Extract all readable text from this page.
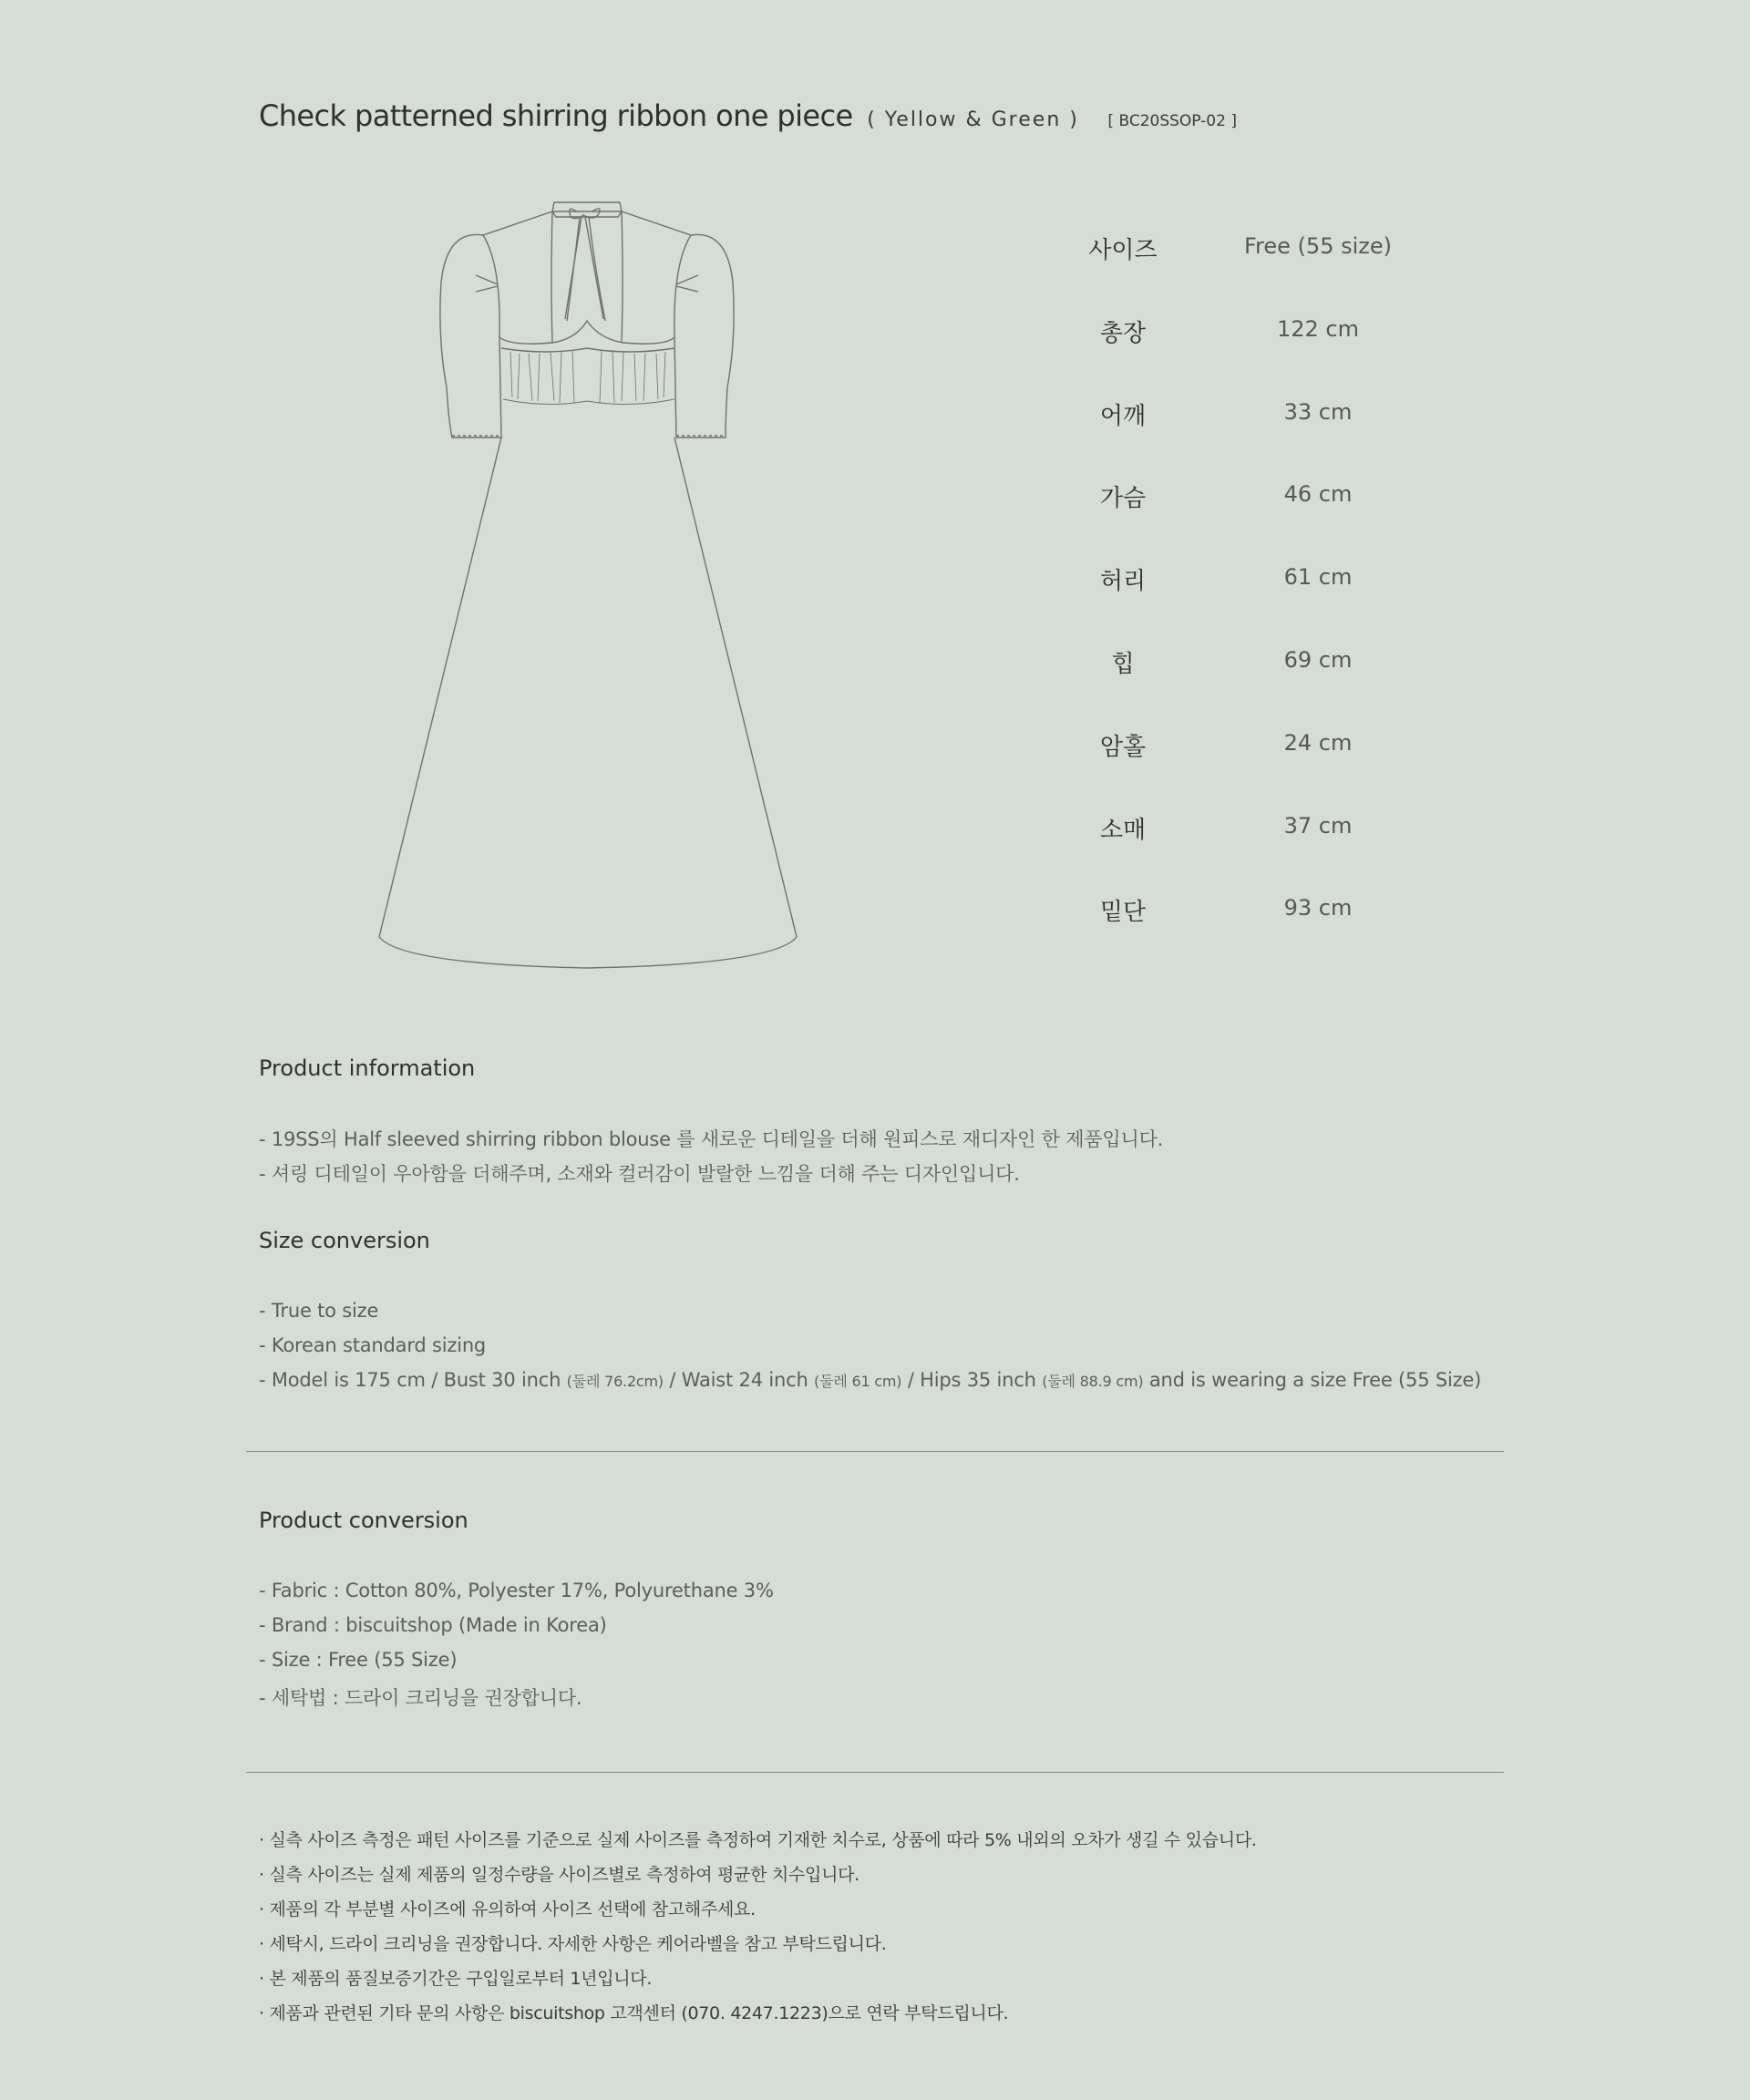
Check patterned shirring ribbon one piece ( Yellow & Green ) [ BC20SSOP-02 ]
사이즈	Free (55 size)
총장	122 cm
어깨	33 cm
가슴	46 cm
허리	61 cm
힙	69 cm
암홀	24 cm
소매	37 cm
밑단	93 cm
Product information
- 19SS의 Half sleeved shirring ribbon blouse 를 새로운 디테일을 더해 원피스로 재디자인 한 제품입니다.
- 셔링 디테일이 우아함을 더해주며, 소재와 컬러감이 발랄한 느낌을 더해 주는 디자인입니다.
Size conversion
- True to size
- Korean standard sizing
- Model is 175 cm / Bust 30 inch (둘레 76.2cm) / Waist 24 inch (둘레 61 cm) / Hips 35 inch (둘레 88.9 cm) and is wearing a size Free (55 Size)
Product conversion
- Fabric : Cotton 80%, Polyester 17%, Polyurethane 3%
- Brand : biscuitshop (Made in Korea)
- Size : Free (55 Size)
- 세탁법 : 드라이 크리닝을 권장합니다.
· 실측 사이즈 측정은 패턴 사이즈를 기준으로 실제 사이즈를 측정하여 기재한 치수로, 상품에 따라 5% 내외의 오차가 생길 수 있습니다.
· 실측 사이즈는 실제 제품의 일정수량을 사이즈별로 측정하여 평균한 치수입니다.
· 제품의 각 부분별 사이즈에 유의하여 사이즈 선택에 참고해주세요.
· 세탁시, 드라이 크리닝을 권장합니다. 자세한 사항은 케어라벨을 참고 부탁드립니다.
· 본 제품의 품질보증기간은 구입일로부터 1년입니다.
· 제품과 관련된 기타 문의 사항은 biscuitshop 고객센터 (070. 4247.1223)으로 연락 부탁드립니다.
